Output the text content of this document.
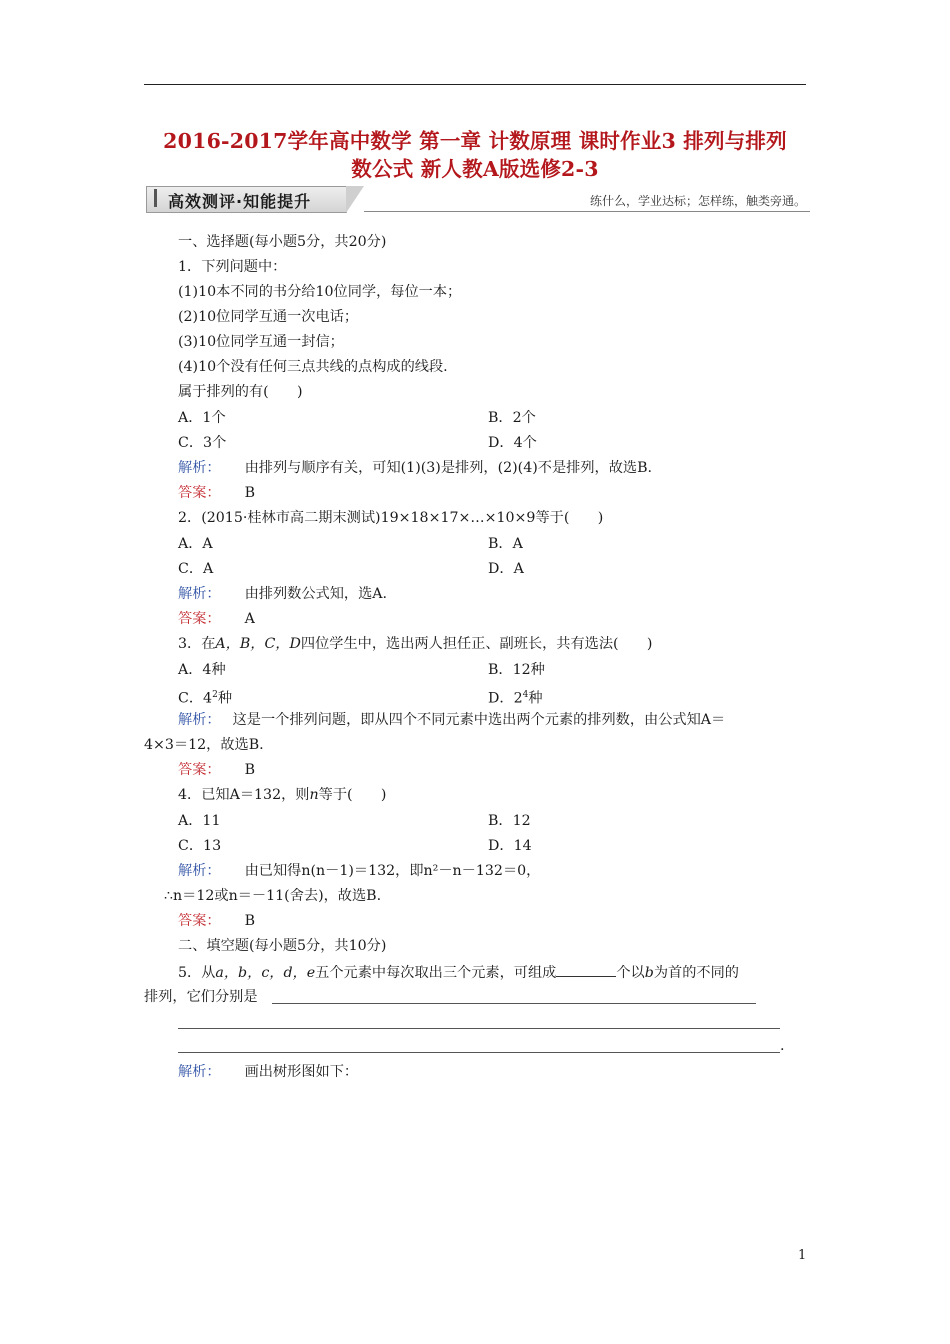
2016-2017学年高中数学 第一章 计数原理 课时作业3 排列与排列
数公式 新人教A版选修2-3
高效测评·知能提升	练什么，学业达标；怎样练，触类旁通。
一、选择题(每小题5分，共20分)
1．下列问题中：
(1)10本不同的书分给10位同学，每位一本；
(2)10位同学互通一次电话；
(3)10位同学互通一封信；
(4)10个没有任何三点共线的点构成的线段.
属于排列的有(　　)
A．1个	B．2个
C．3个	D．4个
解析： 由排列与顺序有关，可知(1)(3)是排列，(2)(4)不是排列，故选B.
答案： B
2．(2015·桂林市高二期末测试)19×18×17×…×10×9等于(　　)
A．A	B．A
C．A	D．A
解析： 由排列数公式知，选A.
答案： A
3．在A，B，C，D四位学生中，选出两人担任正、副班长，共有选法(　　)
A．4种	B．12种
C．$4^2$种	D．$2^4$种
解析： 这是一个排列问题，即从四个不同元素中选出两个元素的排列数，由公式知A＝
4×3＝12，故选B.
答案： B
4．已知A＝132，则n等于(　　)
A．11	B．12
C．13	D．14
解析： 由已知得n(n－1)＝132，即n²－n－132＝0，
∴n＝12或n＝－11(舍去)，故选B.
答案： B
二、填空题(每小题5分，共10分)
5．从a，b，c，d，e五个元素中每次取出三个元素，可组成	个以b为首的不同的
排列，它们分别是
.
解析： 画出树形图如下：
1
